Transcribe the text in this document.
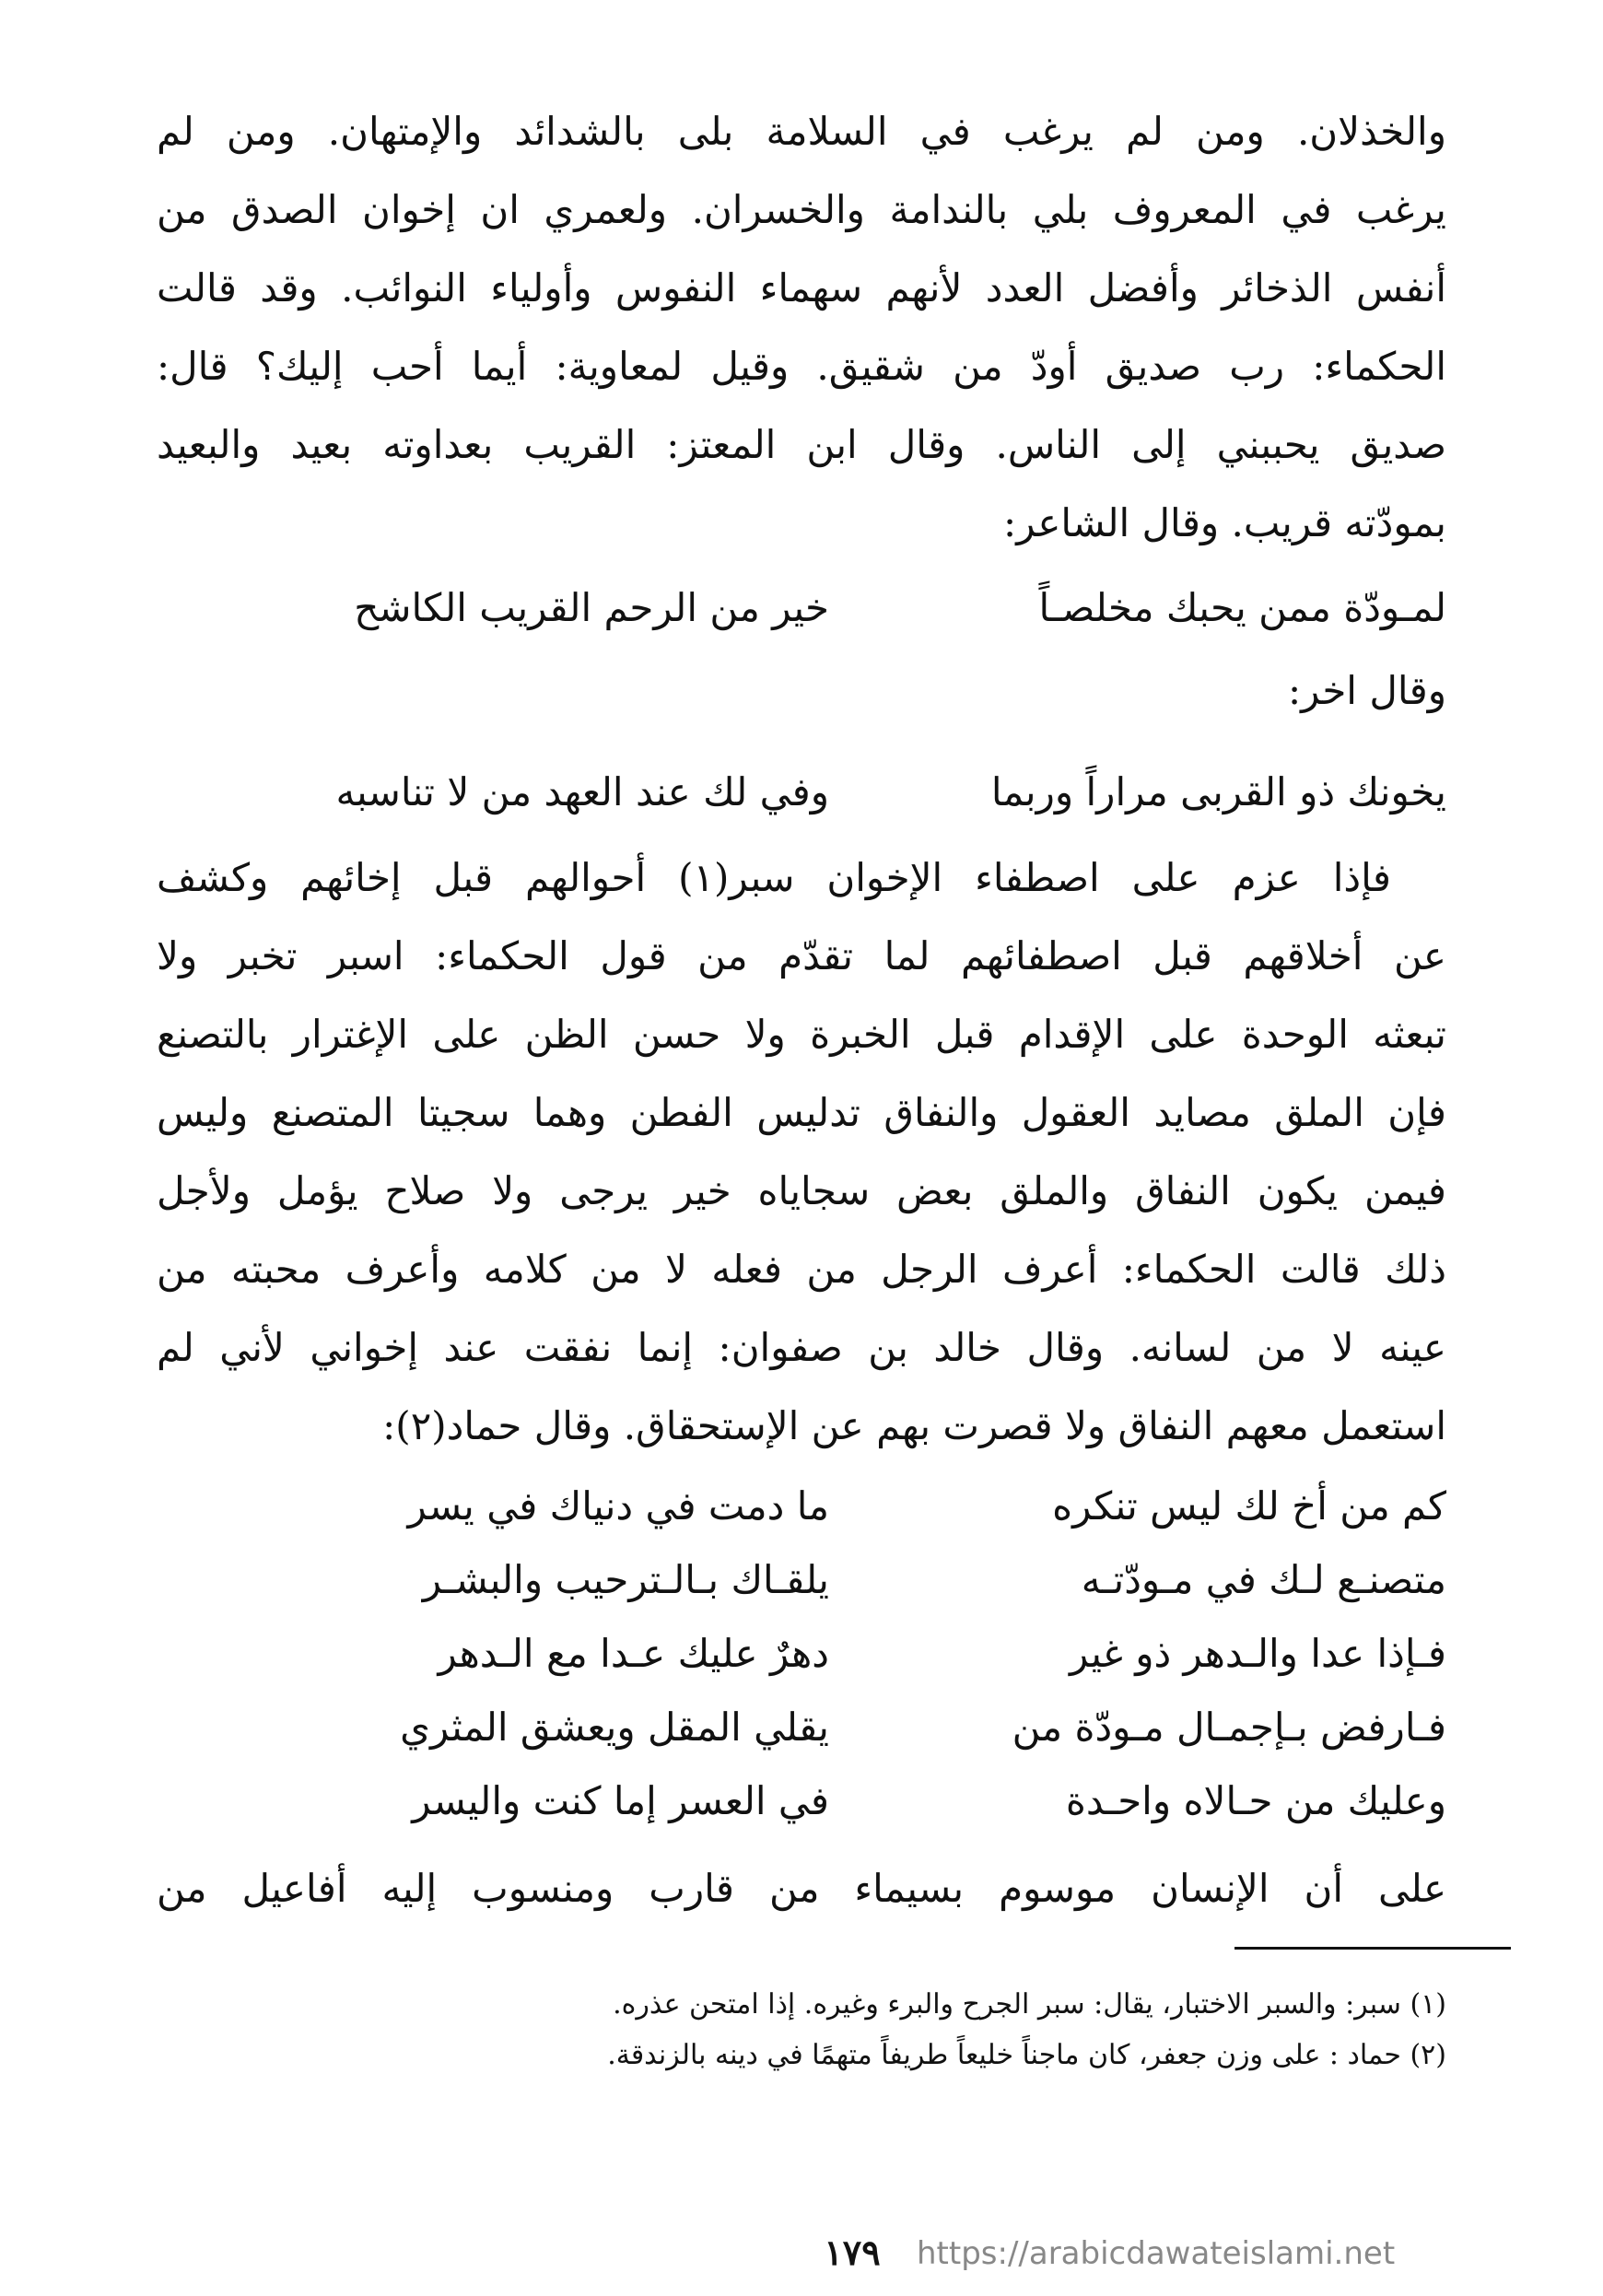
والخذلان. ومن لم يرغب في السلامة بلى بالشدائد والإمتهان. ومن لم
يرغب في المعروف بلي بالندامة والخسران. ولعمري ان إخوان الصدق من
أنفس الذخائر وأفضل العدد لأنهم سهماء النفوس وأولياء النوائب. وقد قالت
الحكماء: رب صديق أودّ من شقيق. وقيل لمعاوية: أيما أحب إليك؟ قال:
صديق يحببني إلى الناس. وقال ابن المعتز: القريب بعداوته بعيد والبعيد
بمودّته قريب. وقال الشاعر:
لمـودّة ممن يحبك مخلصـاً
خير من الرحم القريب الكاشح
وقال اخر:
يخونك ذو القربى مراراً وربما
وفي لك عند العهد من لا تناسبه
فإذا عزم على اصطفاء الإخوان سبر(١) أحوالهم قبل إخائهم وكشف
عن أخلاقهم قبل اصطفائهم لما تقدّم من قول الحكماء: اسبر تخبر ولا
تبعثه الوحدة على الإقدام قبل الخبرة ولا حسن الظن على الإغترار بالتصنع
فإن الملق مصايد العقول والنفاق تدليس الفطن وهما سجيتا المتصنع وليس
فيمن يكون النفاق والملق بعض سجاياه خير يرجى ولا صلاح يؤمل ولأجل
ذلك قالت الحكماء: أعرف الرجل من فعله لا من كلامه وأعرف محبته من
عينه لا من لسانه. وقال خالد بن صفوان: إنما نفقت عند إخواني لأني لم
استعمل معهم النفاق ولا قصرت بهم عن الإستحقاق. وقال حماد(٢):
كم من أخ لك ليس تنكره
ما دمت في دنياك في يسر
متصنـع لـك في مـودّتـه
يلقـاك بـالـترحيب والبشـر
فـإذا عدا والـدهر ذو غير
دهرٌ عليك عـدا مع الـدهر
فـارفض بـإجمـال مـودّة من
يقلي المقل ويعشق المثري
وعليك من حـالاه واحـدة
في العسر إما كنت واليسر
على أن الإنسان موسوم بسيماء من قارب ومنسوب إليه أفاعيل من
(١) سبر: والسبر الاختبار، يقال: سبر الجرح والبرء وغيره. إذا امتحن عذره.
(٢) حماد : على وزن جعفر، كان ماجناً خليعاً طريفاً متهمًا في دينه بالزندقة.
١٧٩	https://arabicdawateislami.net
